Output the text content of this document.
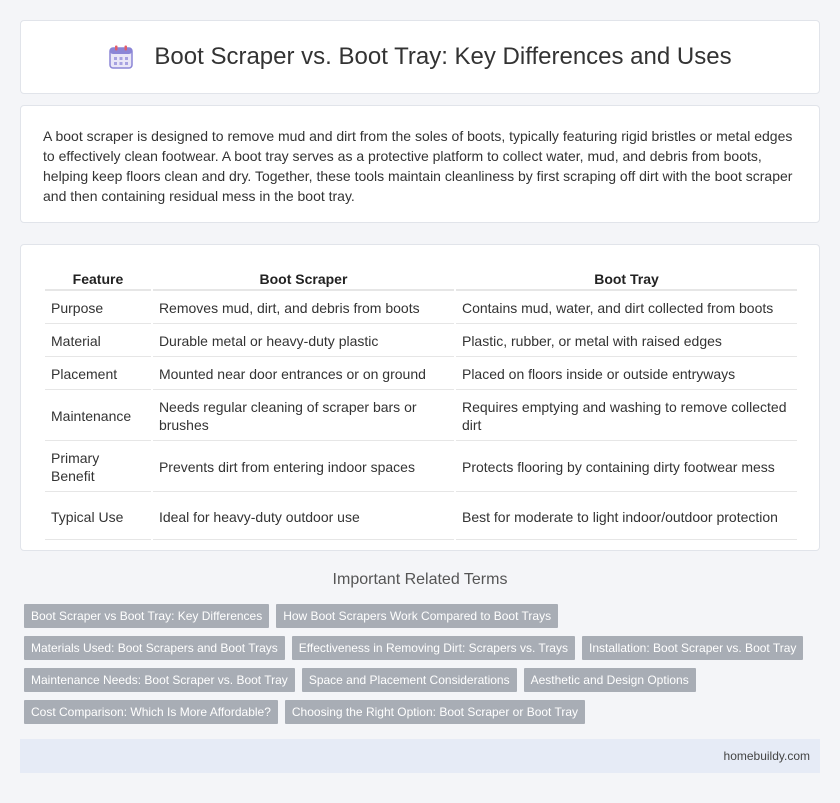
Boot Scraper vs. Boot Tray: Key Differences and Uses

A boot scraper is designed to remove mud and dirt from the soles of boots, typically featuring rigid bristles or metal edges to effectively clean footwear. A boot tray serves as a protective platform to collect water, mud, and debris from boots, helping keep floors clean and dry. Together, these tools maintain cleanliness by first scraping off dirt with the boot scraper and then containing residual mess in the boot tray.

Feature	Boot Scraper	Boot Tray
Purpose	Removes mud, dirt, and debris from boots	Contains mud, water, and dirt collected from boots
Material	Durable metal or heavy-duty plastic	Plastic, rubber, or metal with raised edges
Placement	Mounted near door entrances or on ground	Placed on floors inside or outside entryways
Maintenance	Needs regular cleaning of scraper bars or brushes	Requires emptying and washing to remove collected dirt
Primary Benefit	Prevents dirt from entering indoor spaces	Protects flooring by containing dirty footwear mess
Typical Use	Ideal for heavy-duty outdoor use	Best for moderate to light indoor/outdoor protection
Important Related Terms
Boot Scraper vs Boot Tray: Key Differences	How Boot Scrapers Work Compared to Boot Trays
Materials Used: Boot Scrapers and Boot Trays	Effectiveness in Removing Dirt: Scrapers vs. Trays	Installation: Boot Scraper vs. Boot Tray
Maintenance Needs: Boot Scraper vs. Boot Tray	Space and Placement Considerations	Aesthetic and Design Options
Cost Comparison: Which Is More Affordable?	Choosing the Right Option: Boot Scraper or Boot Tray
homebuildy.com
